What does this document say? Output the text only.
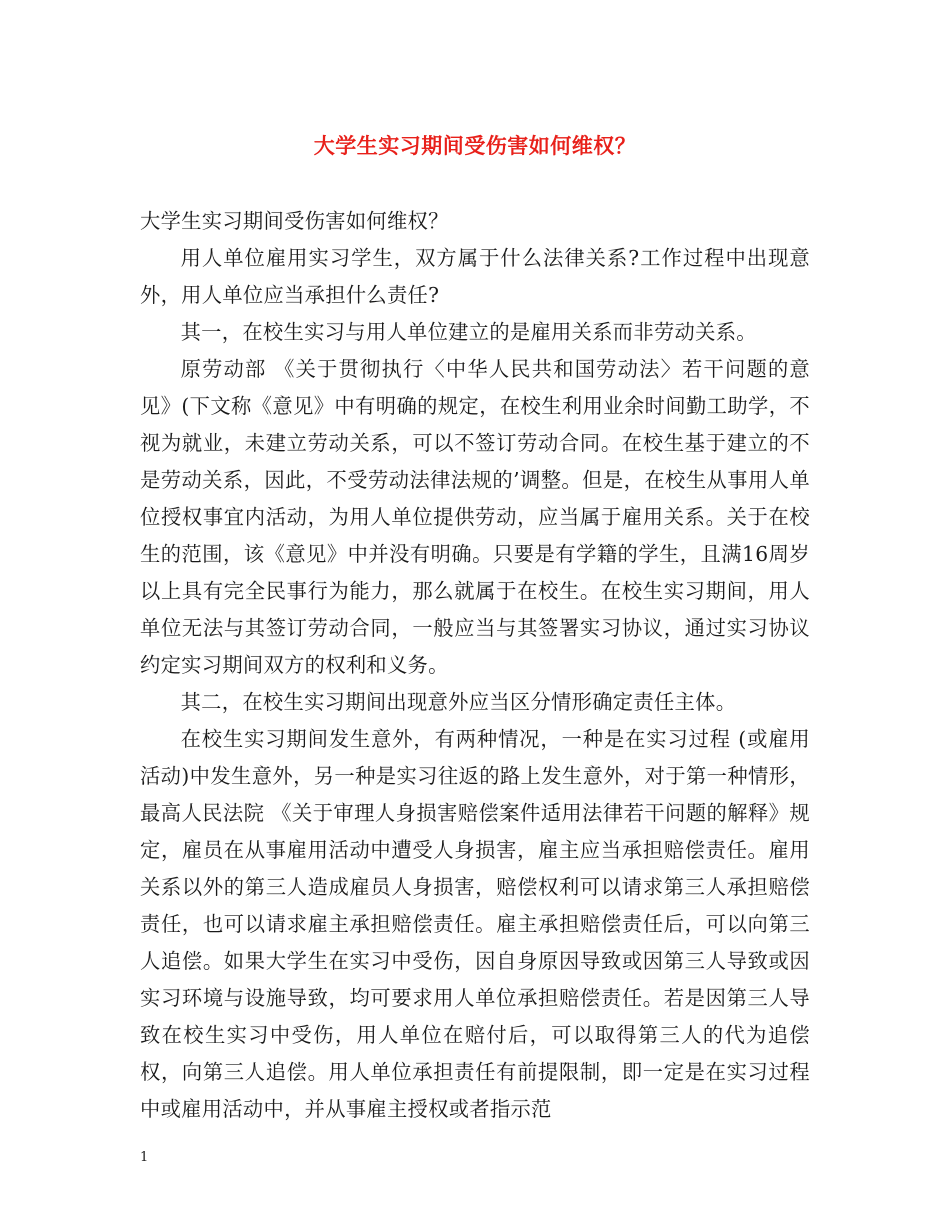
大学生实习期间受伤害如何维权？

大学生实习期间受伤害如何维权？

用人单位雇用实习学生，双方属于什么法律关系?工作过程中出现意外，用人单位应当承担什么责任?

其一，在校生实习与用人单位建立的是雇用关系而非劳动关系。

原劳动部 《关于贯彻执行〈中华人民共和国劳动法〉若干问题的意见》(下文称《意见》中有明确的规定，在校生利用业余时间勤工助学，不视为就业，未建立劳动关系，可以不签订劳动合同。在校生基于建立的不是劳动关系，因此，不受劳动法律法规的’调整。但是，在校生从事用人单位授权事宜内活动，为用人单位提供劳动，应当属于雇用关系。关于在校生的范围，该《意见》中并没有明确。只要是有学籍的学生，且满16周岁以上具有完全民事行为能力，那么就属于在校生。在校生实习期间，用人单位无法与其签订劳动合同，一般应当与其签署实习协议，通过实习协议约定实习期间双方的权利和义务。

其二，在校生实习期间出现意外应当区分情形确定责任主体。

在校生实习期间发生意外，有两种情况，一种是在实习过程 (或雇用活动)中发生意外，另一种是实习往返的路上发生意外，对于第一种情形，最高人民法院 《关于审理人身损害赔偿案件适用法律若干问题的解释》规定，雇员在从事雇用活动中遭受人身损害，雇主应当承担赔偿责任。雇用关系以外的第三人造成雇员人身损害，赔偿权利可以请求第三人承担赔偿责任，也可以请求雇主承担赔偿责任。雇主承担赔偿责任后，可以向第三人追偿。如果大学生在实习中受伤，因自身原因导致或因第三人导致或因实习环境与设施导致，均可要求用人单位承担赔偿责任。若是因第三人导致在校生实习中受伤，用人单位在赔付后，可以取得第三人的代为追偿权，向第三人追偿。用人单位承担责任有前提限制，即一定是在实习过程中或雇用活动中，并从事雇主授权或者指示范

1
